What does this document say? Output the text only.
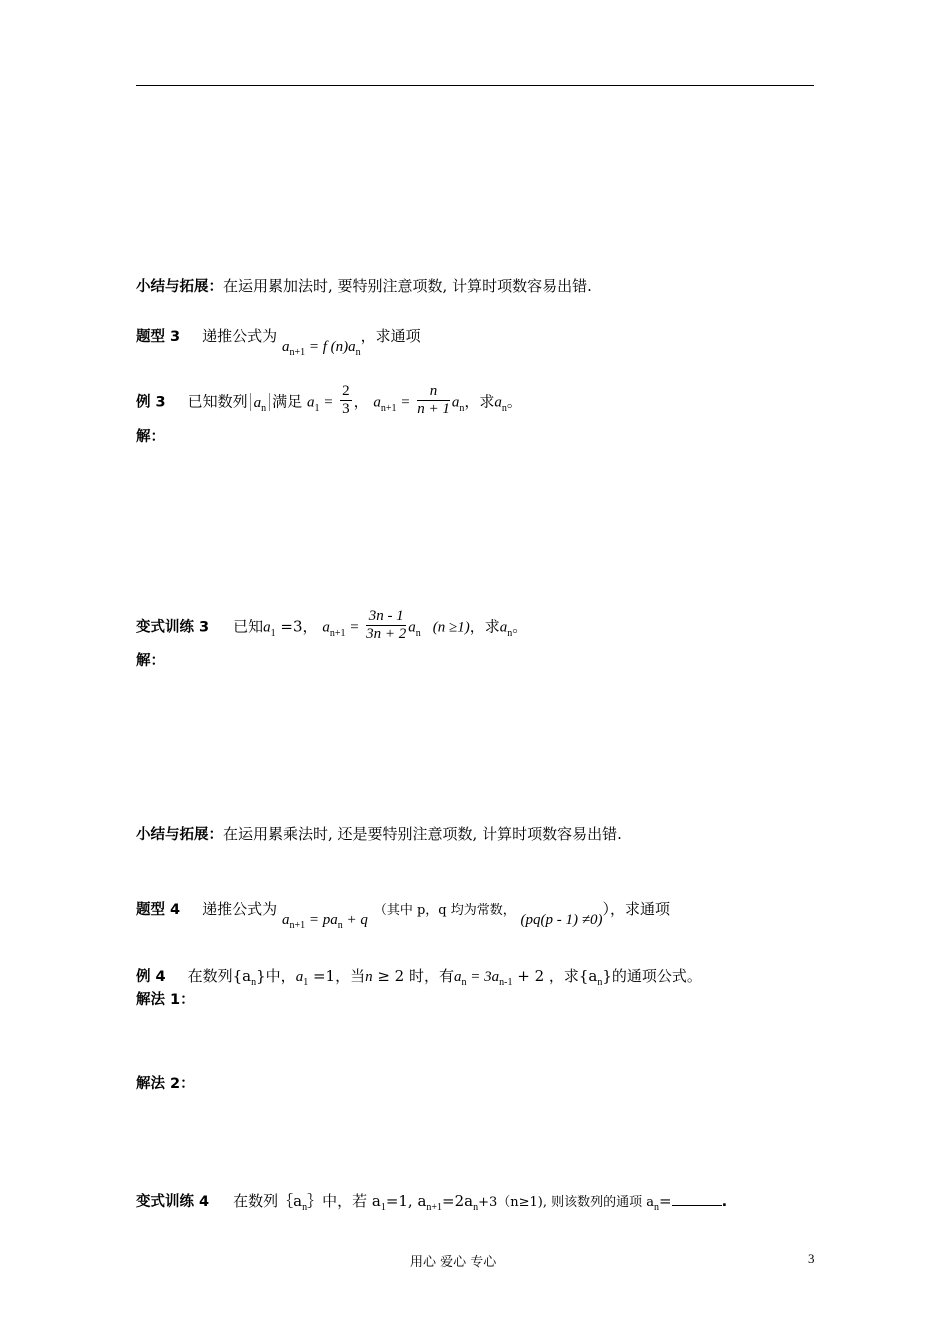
小结与拓展：在运用累加法时, 要特别注意项数, 计算时项数容易出错.
题型 3 递推公式为 $a_{n+1} = f$ $(n)a_n$，求通项
例 3 已知数列 $a_n$ 满足 $a_1 = \frac{2}{3}$ ， $a_{n+1} = \frac{n}{n + 1} a_n$，求$a_n$。
解：
变式训练 3 已知$a_1 =3$， $a_{n+1} = \frac{3n - 1}{3n + 2} a_n$ (n ≥1)，求$a_n$。
解：
小结与拓展：在运用累乘法时, 还是要特别注意项数, 计算时项数容易出错.
题型 4 递推公式为 $a_{n+1} = pa_n + q$（其中 p，q 均为常数， (pq(p - 1) ≠0)），求通项
例 4 在数列$\{a_n\}$中，$a_1 =1$，当n ≥ 2 时，有$a_n = 3a_{n-1} + 2$ ，求$\{a_n\}$的通项公式。
解法 1：
解法 2：
变式训练 4 在数列$\{a_n\}$中，若 $a_1=1$, $a_{n+1}=2a_n+3(n\ge 1)$, 则该数列的通项 $a_n=$	.
用心 爱心 专心	3
